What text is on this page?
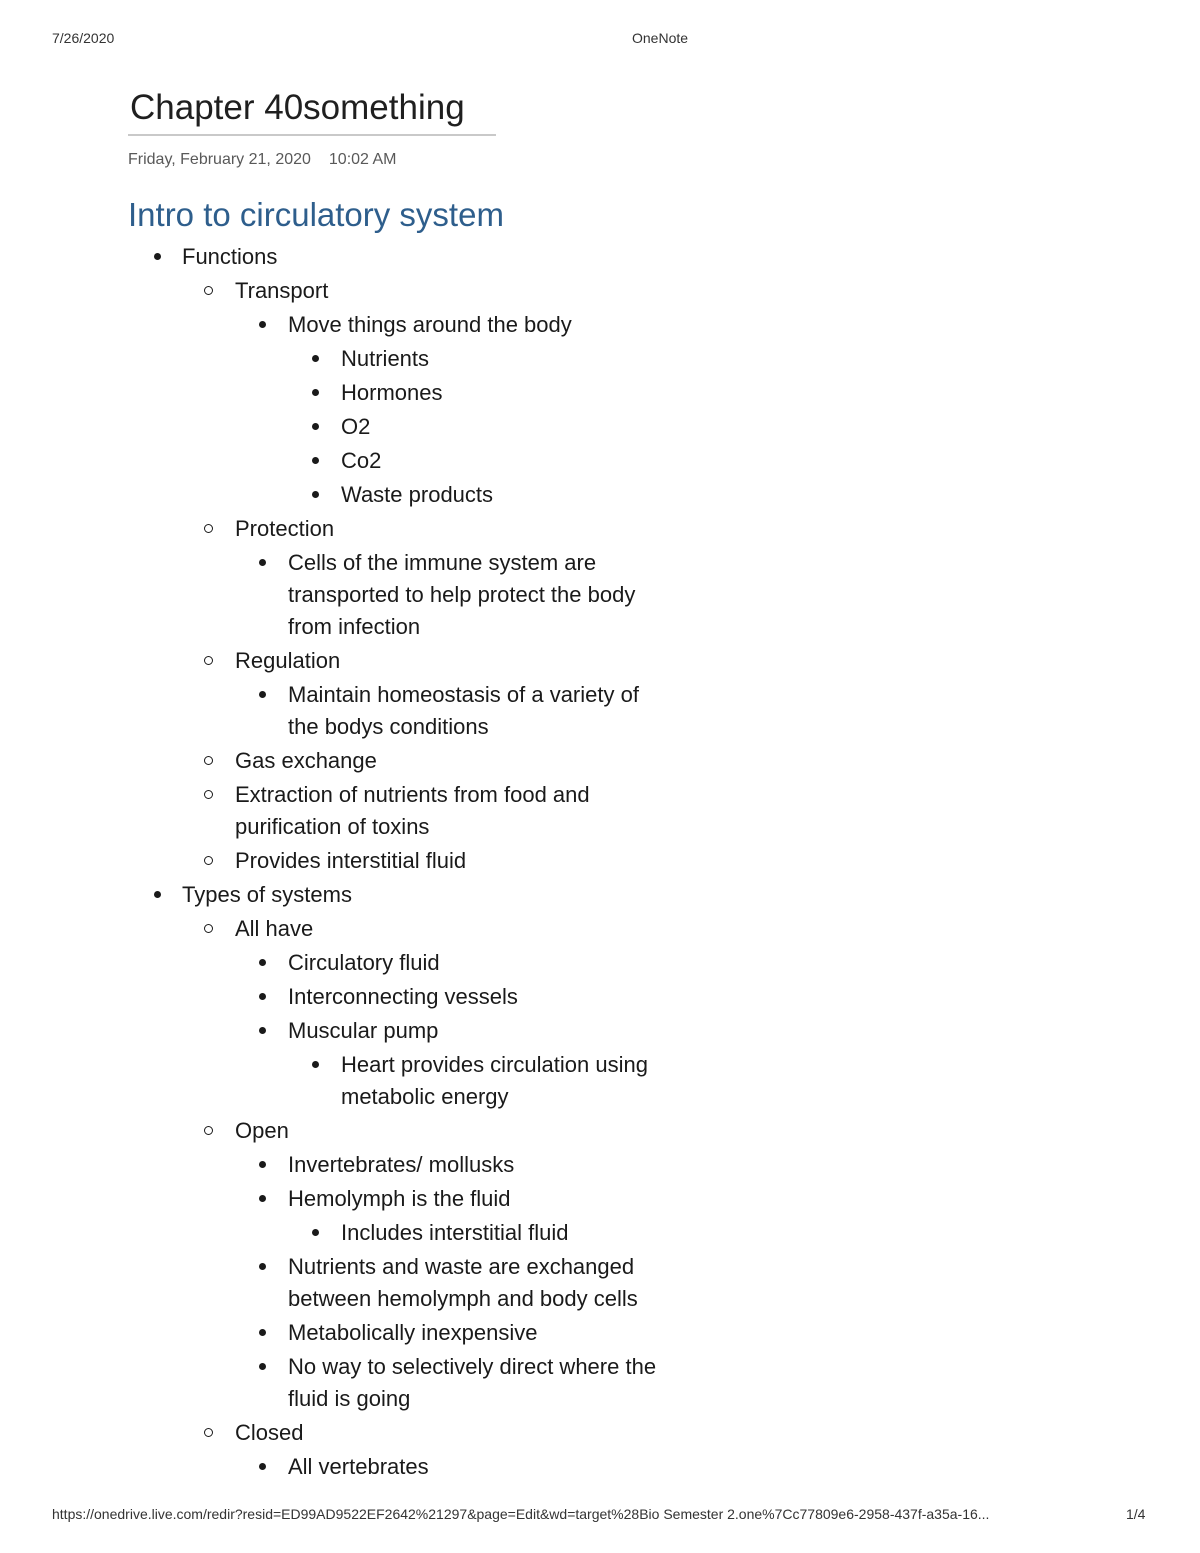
7/26/2020	OneNote
Chapter 40something
Friday, February 21, 2020 10:02 AM
Intro to circulatory system
Functions
Transport
Move things around the body
Nutrients
Hormones
O2
Co2
Waste products
Protection
Cells of the immune system are
transported to help protect the body
from infection
Regulation
Maintain homeostasis of a variety of
the bodys conditions
Gas exchange
Extraction of nutrients from food and
purification of toxins
Provides interstitial fluid
Types of systems
All have
Circulatory fluid
Interconnecting vessels
Muscular pump
Heart provides circulation using
metabolic energy
Open
Invertebrates/ mollusks
Hemolymph is the fluid
Includes interstitial fluid
Nutrients and waste are exchanged
between hemolymph and body cells
Metabolically inexpensive
No way to selectively direct where the
fluid is going
Closed
All vertebrates
https://onedrive.live.com/redir?resid=ED99AD9522EF2642%21297&page=Edit&wd=target%28Bio Semester 2.one%7Cc77809e6-2958-437f-a35a-16...	1/4
